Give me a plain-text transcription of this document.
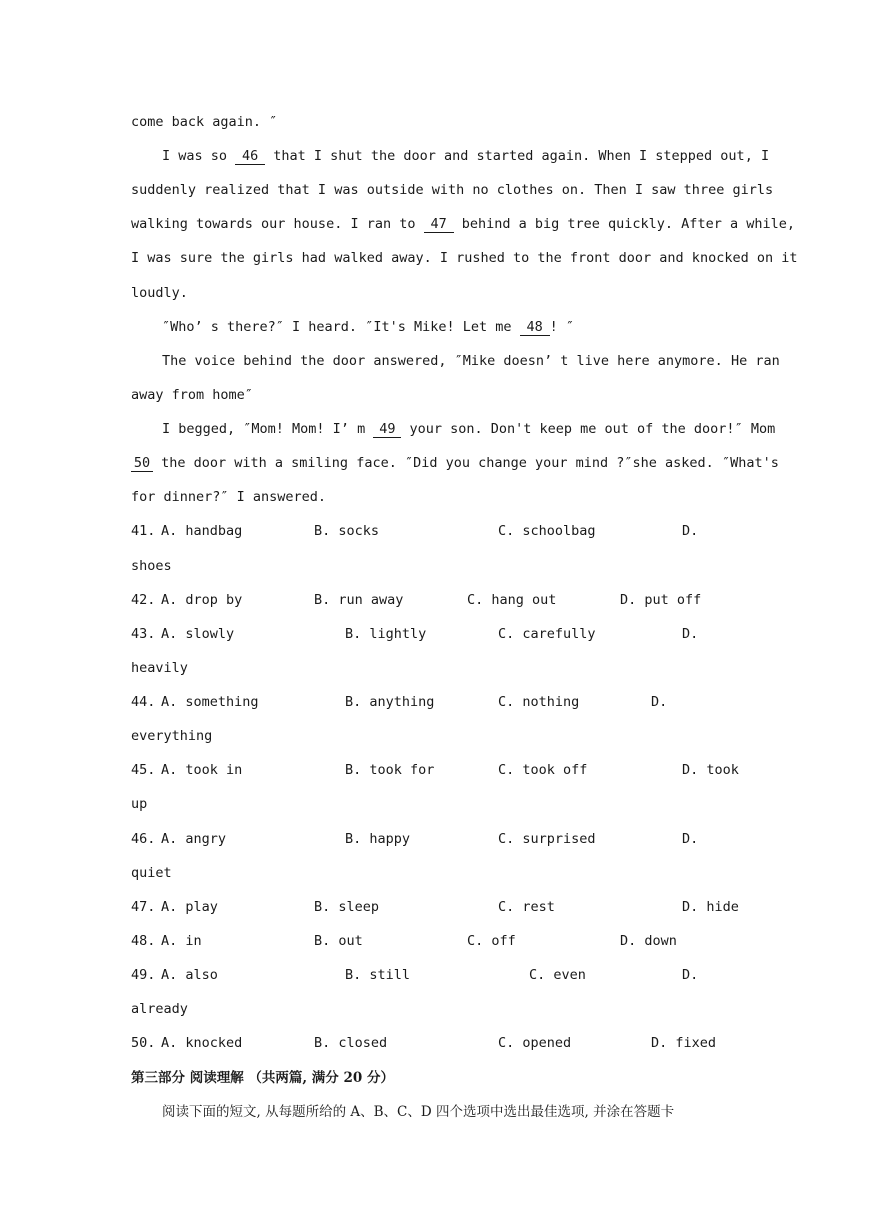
come back again. ″
I was so 46 that I shut the door and started again. When I stepped out, I
suddenly realized that I was outside with no clothes on. Then I saw three girls
walking towards our house. I ran to 47 behind a big tree quickly. After a while,
I was sure the girls had walked away. I rushed to the front door and knocked on it
loudly.
″Who’ s there?″ I heard. ″It's Mike! Let me 48 ! ″
The voice behind the door answered, ″Mike doesn’ t live here anymore. He ran
away from home″
I begged, ″Mom! Mom! I’ m 49 your son. Don't keep me out of the door!″ Mom
50 the door with a smiling face. ″Did you change your mind ?″she asked. ″What's
for dinner?″ I answered.
41. A. handbag	B. socks	C. schoolbag	D.
shoes
42. A. drop by	B. run away	C. hang out	D. put off
43. A. slowly	B. lightly	C. carefully	D.
heavily
44. A. something	B. anything	C. nothing	D.
everything
45. A. took in	B. took for	C. took off	D. took
up
46. A. angry	B. happy	C. surprised	D.
quiet
47. A. play	B. sleep	C. rest	D. hide
48. A. in	B. out	C. off	D. down
49. A. also	B. still	C. even	D.
already
50. A. knocked	B. closed	C. opened	D. fixed
第三部分 阅读理解 （共两篇, 满分 20 分）
阅读下面的短文, 从每题所给的 A、B、C、D 四个选项中选出最佳选项, 并涂在答题卡
